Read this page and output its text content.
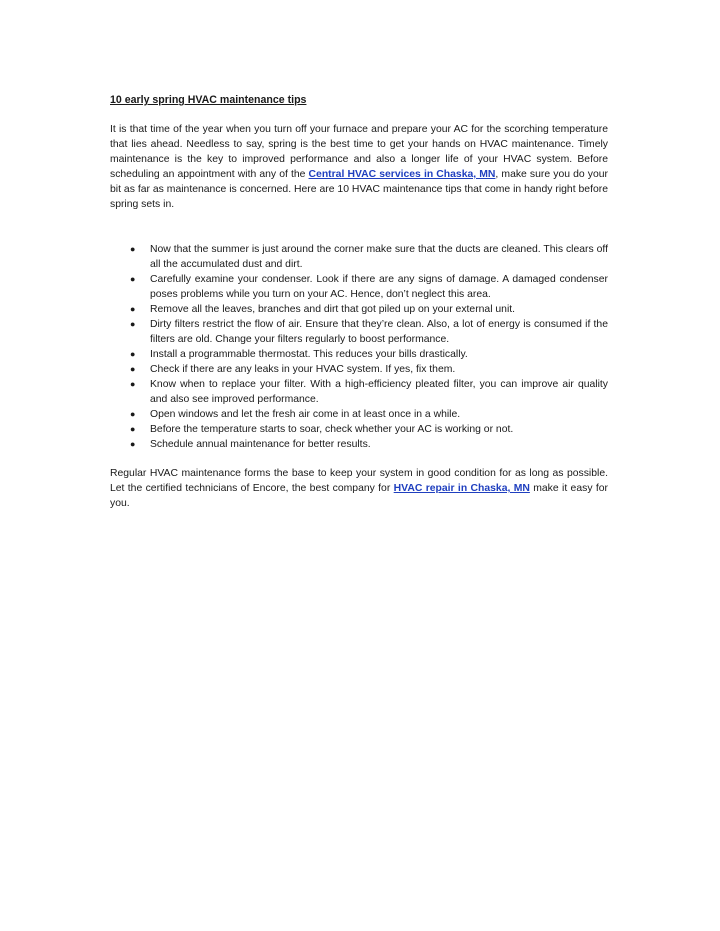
10 early spring HVAC maintenance tips

It is that time of the year when you turn off your furnace and prepare your AC for the scorching temperature that lies ahead. Needless to say, spring is the best time to get your hands on HVAC maintenance. Timely maintenance is the key to improved performance and also a longer life of your HVAC system. Before scheduling an appointment with any of the Central HVAC services in Chaska, MN, make sure you do your bit as far as maintenance is concerned. Here are 10 HVAC maintenance tips that come in handy right before spring sets in.

● Now that the summer is just around the corner make sure that the ducts are cleaned. This clears off all the accumulated dust and dirt.
● Carefully examine your condenser. Look if there are any signs of damage. A damaged condenser poses problems while you turn on your AC. Hence, don’t neglect this area.
● Remove all the leaves, branches and dirt that got piled up on your external unit.
● Dirty filters restrict the flow of air. Ensure that they’re clean. Also, a lot of energy is consumed if the filters are old. Change your filters regularly to boost performance.
● Install a programmable thermostat. This reduces your bills drastically.
● Check if there are any leaks in your HVAC system. If yes, fix them.
● Know when to replace your filter. With a high-efficiency pleated filter, you can improve air quality and also see improved performance.
● Open windows and let the fresh air come in at least once in a while.
● Before the temperature starts to soar, check whether your AC is working or not.
● Schedule annual maintenance for better results.

Regular HVAC maintenance forms the base to keep your system in good condition for as long as possible. Let the certified technicians of Encore, the best company for HVAC repair in Chaska, MN make it easy for you.
